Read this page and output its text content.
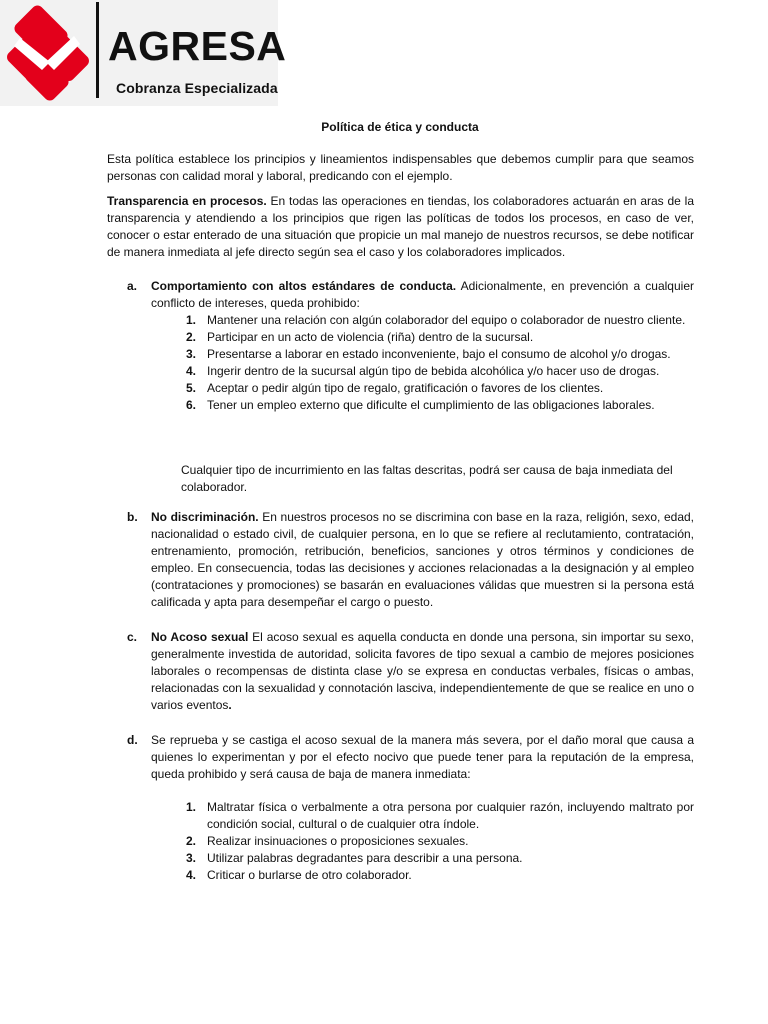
AGRESA
Cobranza Especializada
Política de ética y conducta
Esta política establece los principios y lineamientos indispensables que debemos cumplir para que seamos personas con calidad moral y laboral, predicando con el ejemplo.
Transparencia en procesos. En todas las operaciones en tiendas, los colaboradores actuarán en aras de la transparencia y atendiendo a los principios que rigen las políticas de todos los procesos, en caso de ver, conocer o estar enterado de una situación que propicie un mal manejo de nuestros recursos, se debe notificar de manera inmediata al jefe directo según sea el caso y los colaboradores implicados.
a. Comportamiento con altos estándares de conducta. Adicionalmente, en prevención a cualquier conflicto de intereses, queda prohibido:
1. Mantener una relación con algún colaborador del equipo o colaborador de nuestro cliente.
2. Participar en un acto de violencia (riña) dentro de la sucursal.
3. Presentarse a laborar en estado inconveniente, bajo el consumo de alcohol y/o drogas.
4. Ingerir dentro de la sucursal algún tipo de bebida alcohólica y/o hacer uso de drogas.
5. Aceptar o pedir algún tipo de regalo, gratificación o favores de los clientes.
6. Tener un empleo externo que dificulte el cumplimiento de las obligaciones laborales.
Cualquier tipo de incurrimiento en las faltas descritas, podrá ser causa de baja inmediata del colaborador.
b. No discriminación. En nuestros procesos no se discrimina con base en la raza, religión, sexo, edad, nacionalidad o estado civil, de cualquier persona, en lo que se refiere al reclutamiento, contratación, entrenamiento, promoción, retribución, beneficios, sanciones y otros términos y condiciones de empleo. En consecuencia, todas las decisiones y acciones relacionadas a la designación y al empleo (contrataciones y promociones) se basarán en evaluaciones válidas que muestren si la persona está calificada y apta para desempeñar el cargo o puesto.
c. No Acoso sexual El acoso sexual es aquella conducta en donde una persona, sin importar su sexo, generalmente investida de autoridad, solicita favores de tipo sexual a cambio de mejores posiciones laborales o recompensas de distinta clase y/o se expresa en conductas verbales, físicas o ambas, relacionadas con la sexualidad y connotación lasciva, independientemente de que se realice en uno o varios eventos.
d. Se reprueba y se castiga el acoso sexual de la manera más severa, por el daño moral que causa a quienes lo experimentan y por el efecto nocivo que puede tener para la reputación de la empresa, queda prohibido y será causa de baja de manera inmediata:
1. Maltratar física o verbalmente a otra persona por cualquier razón, incluyendo maltrato por condición social, cultural o de cualquier otra índole.
2. Realizar insinuaciones o proposiciones sexuales.
3. Utilizar palabras degradantes para describir a una persona.
4. Criticar o burlarse de otro colaborador.
